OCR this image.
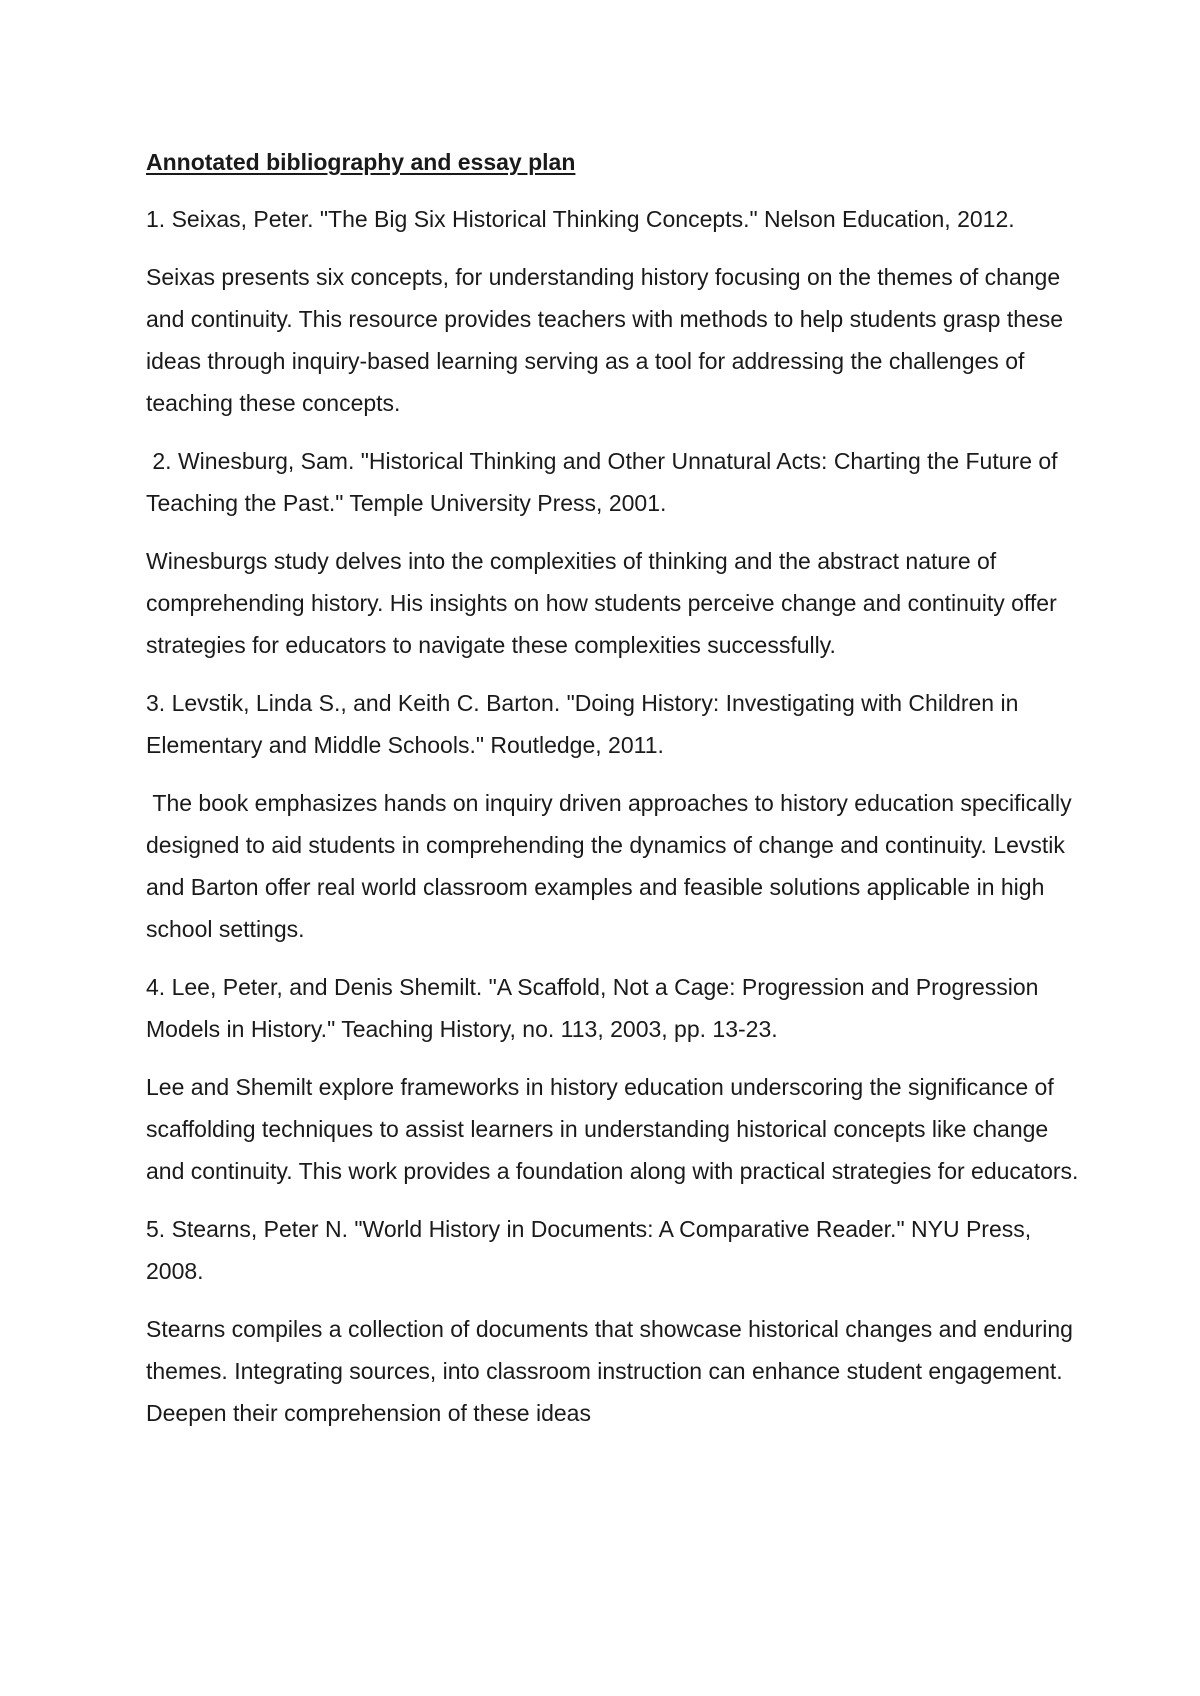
Annotated bibliography and essay plan

1. Seixas, Peter. "The Big Six Historical Thinking Concepts." Nelson Education, 2012.

Seixas presents six concepts, for understanding history focusing on the themes of change and continuity. This resource provides teachers with methods to help students grasp these ideas through inquiry-based learning serving as a tool for addressing the challenges of teaching these concepts.

2. Winesburg, Sam. "Historical Thinking and Other Unnatural Acts: Charting the Future of Teaching the Past." Temple University Press, 2001.

Winesburgs study delves into the complexities of thinking and the abstract nature of comprehending history. His insights on how students perceive change and continuity offer strategies for educators to navigate these complexities successfully.

3. Levstik, Linda S., and Keith C. Barton. "Doing History: Investigating with Children in Elementary and Middle Schools." Routledge, 2011.

The book emphasizes hands on inquiry driven approaches to history education specifically designed to aid students in comprehending the dynamics of change and continuity. Levstik and Barton offer real world classroom examples and feasible solutions applicable in high school settings.

4. Lee, Peter, and Denis Shemilt. "A Scaffold, Not a Cage: Progression and Progression Models in History." Teaching History, no. 113, 2003, pp. 13-23.

Lee and Shemilt explore frameworks in history education underscoring the significance of scaffolding techniques to assist learners in understanding historical concepts like change and continuity. This work provides a foundation along with practical strategies for educators.

5. Stearns, Peter N. "World History in Documents: A Comparative Reader." NYU Press, 2008.

Stearns compiles a collection of documents that showcase historical changes and enduring themes. Integrating sources, into classroom instruction can enhance student engagement. Deepen their comprehension of these ideas
